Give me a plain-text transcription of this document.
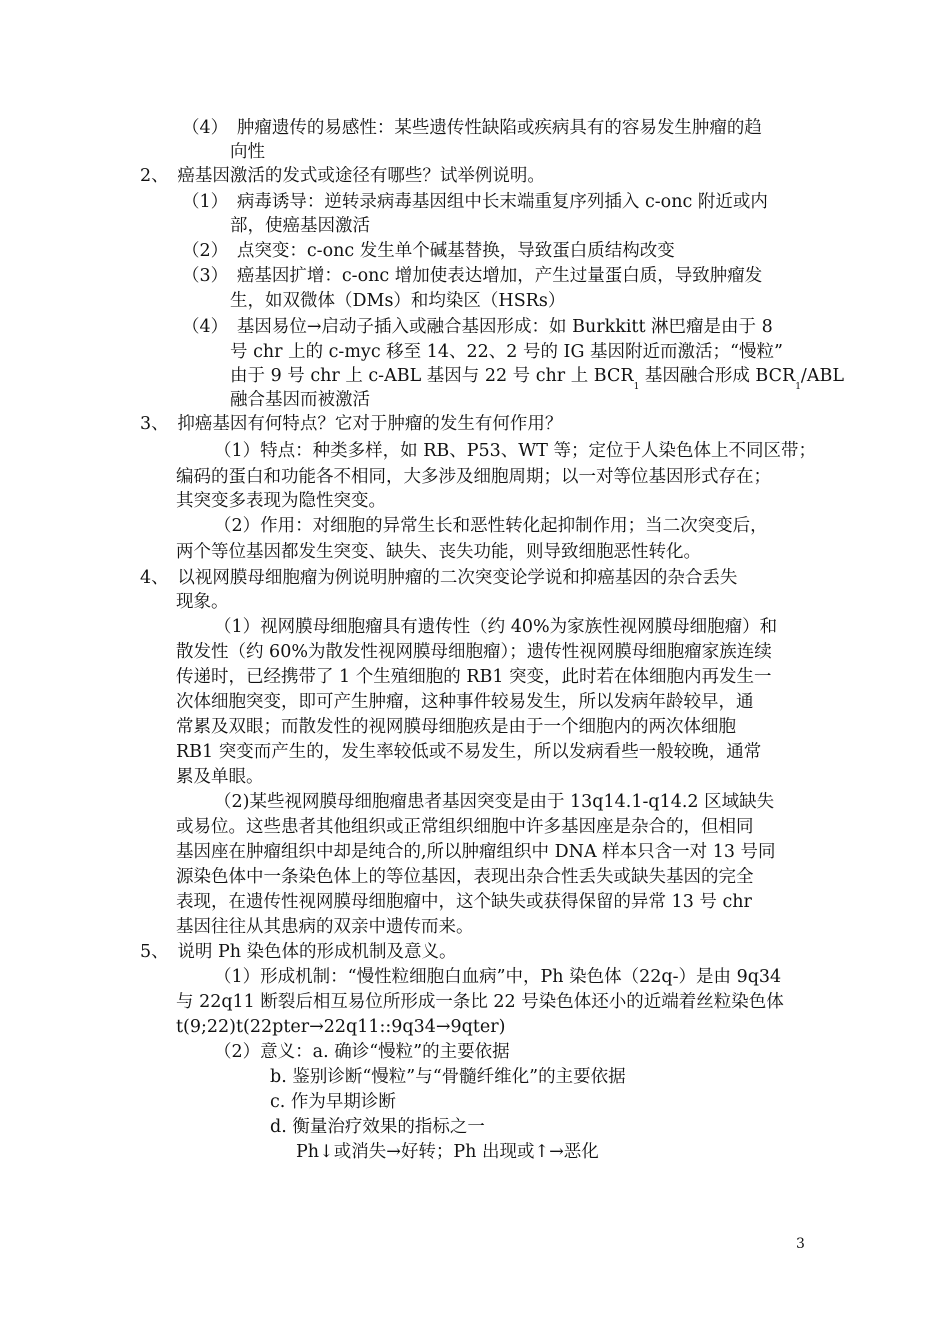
（4）　肿瘤遗传的易感性：某些遗传性缺陷或疾病具有的容易发生肿瘤的趋
向性
2、　癌基因激活的发式或途径有哪些？试举例说明。
（1）　病毒诱导：逆转录病毒基因组中长末端重复序列插入 c-onc 附近或内
部，使癌基因激活
（2）　点突变：c-onc 发生单个碱基替换，导致蛋白质结构改变
（3）　癌基因扩增：c-onc 增加使表达增加，产生过量蛋白质，导致肿瘤发
生，如双微体（DMs）和均染区（HSRs）
（4）　基因易位→启动子插入或融合基因形成：如 Burkkitt 淋巴瘤是由于 8
号 chr 上的 c-myc 移至 14、22、2 号的 IG 基因附近而激活；“慢粒”
由于 9 号 chr 上 c-ABL 基因与 22 号 chr 上 $BCR_1$ 基因融合形成 $BCR_1$/ABL
融合基因而被激活
3、　抑癌基因有何特点？它对于肿瘤的发生有何作用？
（1）特点：种类多样，如 RB、P53、WT 等；定位于人染色体上不同区带；
编码的蛋白和功能各不相同，大多涉及细胞周期；以一对等位基因形式存在；
其突变多表现为隐性突变。
（2）作用：对细胞的异常生长和恶性转化起抑制作用；当二次突变后，
两个等位基因都发生突变、缺失、丧失功能，则导致细胞恶性转化。
4、　以视网膜母细胞瘤为例说明肿瘤的二次突变论学说和抑癌基因的杂合丢失
现象。
（1）视网膜母细胞瘤具有遗传性（约 40%为家族性视网膜母细胞瘤）和
散发性（约 60%为散发性视网膜母细胞瘤）；遗传性视网膜母细胞瘤家族连续
传递时，已经携带了 1 个生殖细胞的 RB1 突变，此时若在体细胞内再发生一
次体细胞突变，即可产生肿瘤，这种事件较易发生，所以发病年龄较早，通
常累及双眼；而散发性的视网膜母细胞疚是由于一个细胞内的两次体细胞
RB1 突变而产生的，发生率较低或不易发生，所以发病看些一般较晚，通常
累及单眼。
（2)某些视网膜母细胞瘤患者基因突变是由于 13q14.1-q14.2 区域缺失
或易位。这些患者其他组织或正常组织细胞中许多基因座是杂合的，但相同
基因座在肿瘤组织中却是纯合的,所以肿瘤组织中 DNA 样本只含一对 13 号同
源染色体中一条染色体上的等位基因，表现出杂合性丢失或缺失基因的完全
表现，在遗传性视网膜母细胞瘤中，这个缺失或获得保留的异常 13 号 chr
基因往往从其患病的双亲中遗传而来。
5、　说明 Ph 染色体的形成机制及意义。
（1）形成机制：“慢性粒细胞白血病”中，Ph 染色体（22q-）是由 9q34
与 22q11 断裂后相互易位所形成一条比 22 号染色体还小的近端着丝粒染色体
t(9;22)t(22pter→22q11::9q34→9qter)
（2）意义：a. 确诊“慢粒”的主要依据
b. 鉴别诊断“慢粒”与“骨髓纤维化”的主要依据
c. 作为早期诊断
d. 衡量治疗效果的指标之一
Ph↓或消失→好转；Ph 出现或↑→恶化
3
